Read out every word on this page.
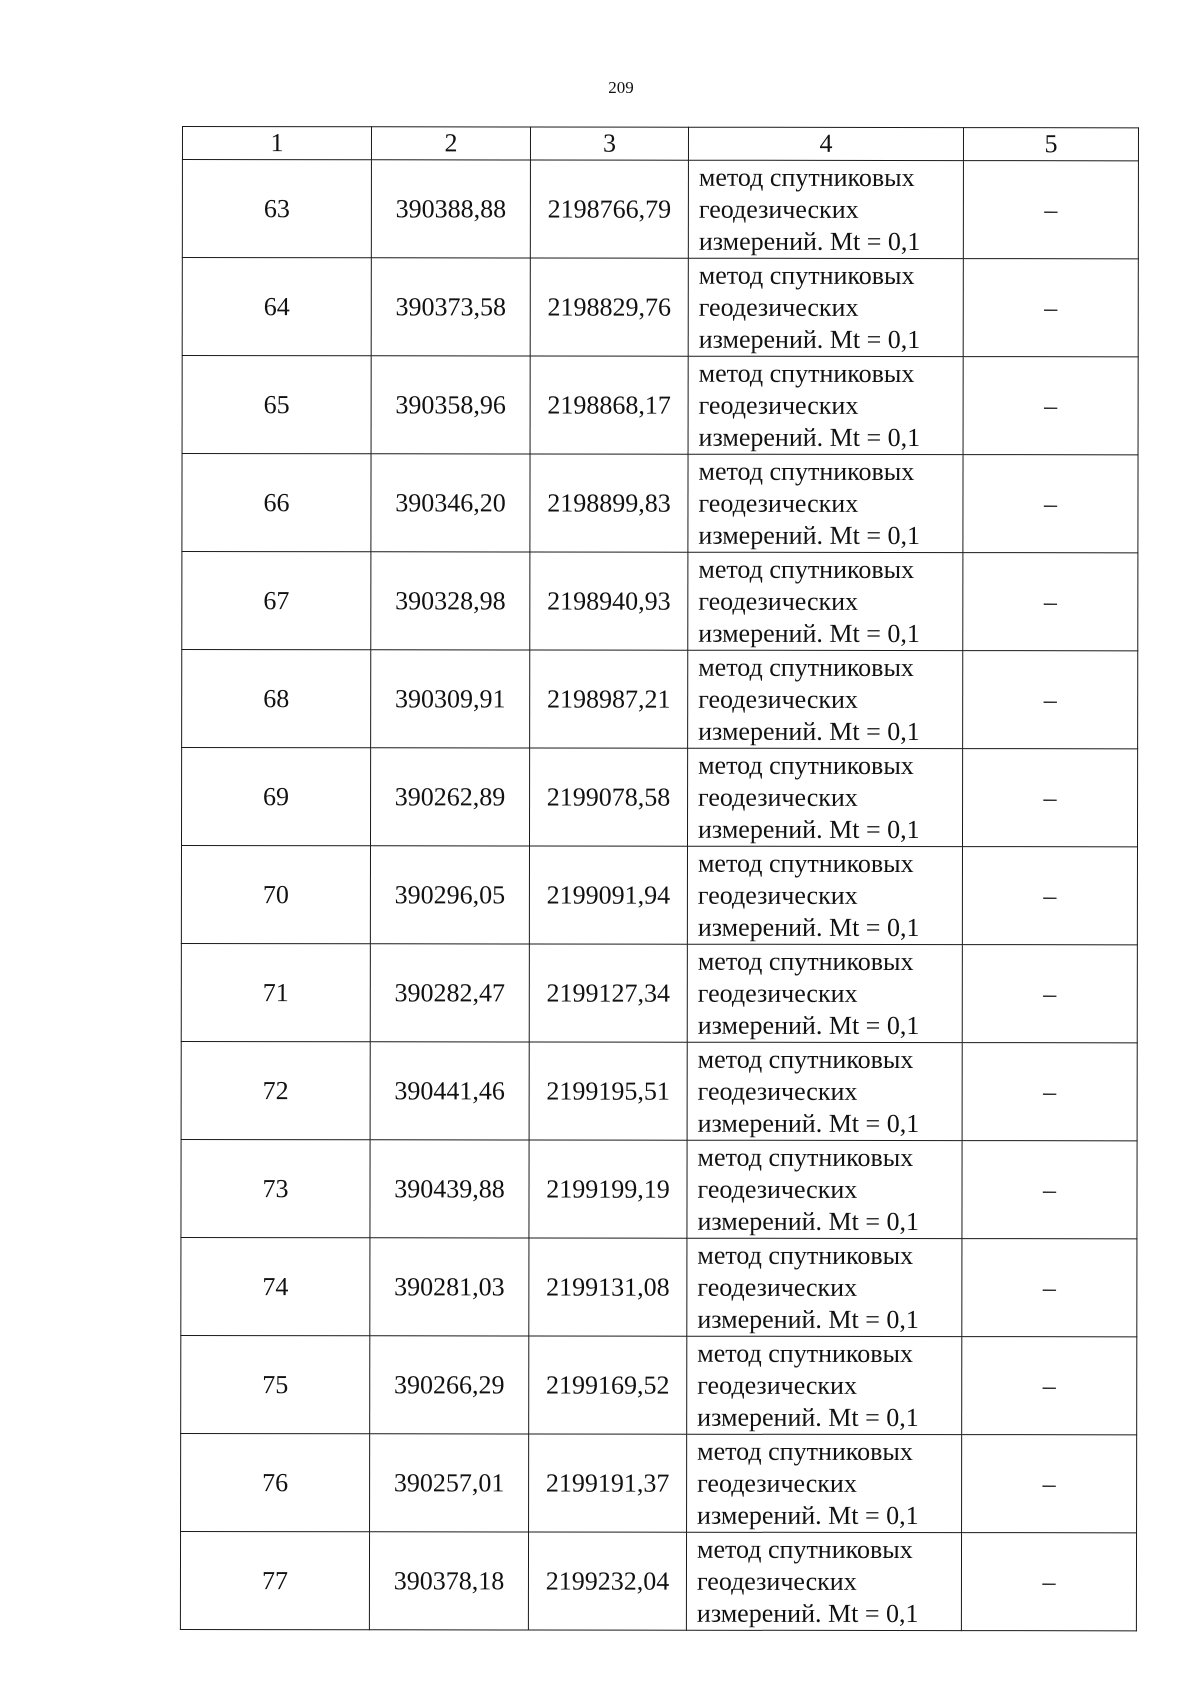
209
1	2	3	4	5
63	390388,88	2198766,79	метод спутниковых
геодезических
измерений. Mt = 0,1	–
64	390373,58	2198829,76	метод спутниковых
геодезических
измерений. Mt = 0,1	–
65	390358,96	2198868,17	метод спутниковых
геодезических
измерений. Mt = 0,1	–
66	390346,20	2198899,83	метод спутниковых
геодезических
измерений. Mt = 0,1	–
67	390328,98	2198940,93	метод спутниковых
геодезических
измерений. Mt = 0,1	–
68	390309,91	2198987,21	метод спутниковых
геодезических
измерений. Mt = 0,1	–
69	390262,89	2199078,58	метод спутниковых
геодезических
измерений. Mt = 0,1	–
70	390296,05	2199091,94	метод спутниковых
геодезических
измерений. Mt = 0,1	–
71	390282,47	2199127,34	метод спутниковых
геодезических
измерений. Mt = 0,1	–
72	390441,46	2199195,51	метод спутниковых
геодезических
измерений. Mt = 0,1	–
73	390439,88	2199199,19	метод спутниковых
геодезических
измерений. Mt = 0,1	–
74	390281,03	2199131,08	метод спутниковых
геодезических
измерений. Mt = 0,1	–
75	390266,29	2199169,52	метод спутниковых
геодезических
измерений. Mt = 0,1	–
76	390257,01	2199191,37	метод спутниковых
геодезических
измерений. Mt = 0,1	–
77	390378,18	2199232,04	метод спутниковых
геодезических
измерений. Mt = 0,1	–
